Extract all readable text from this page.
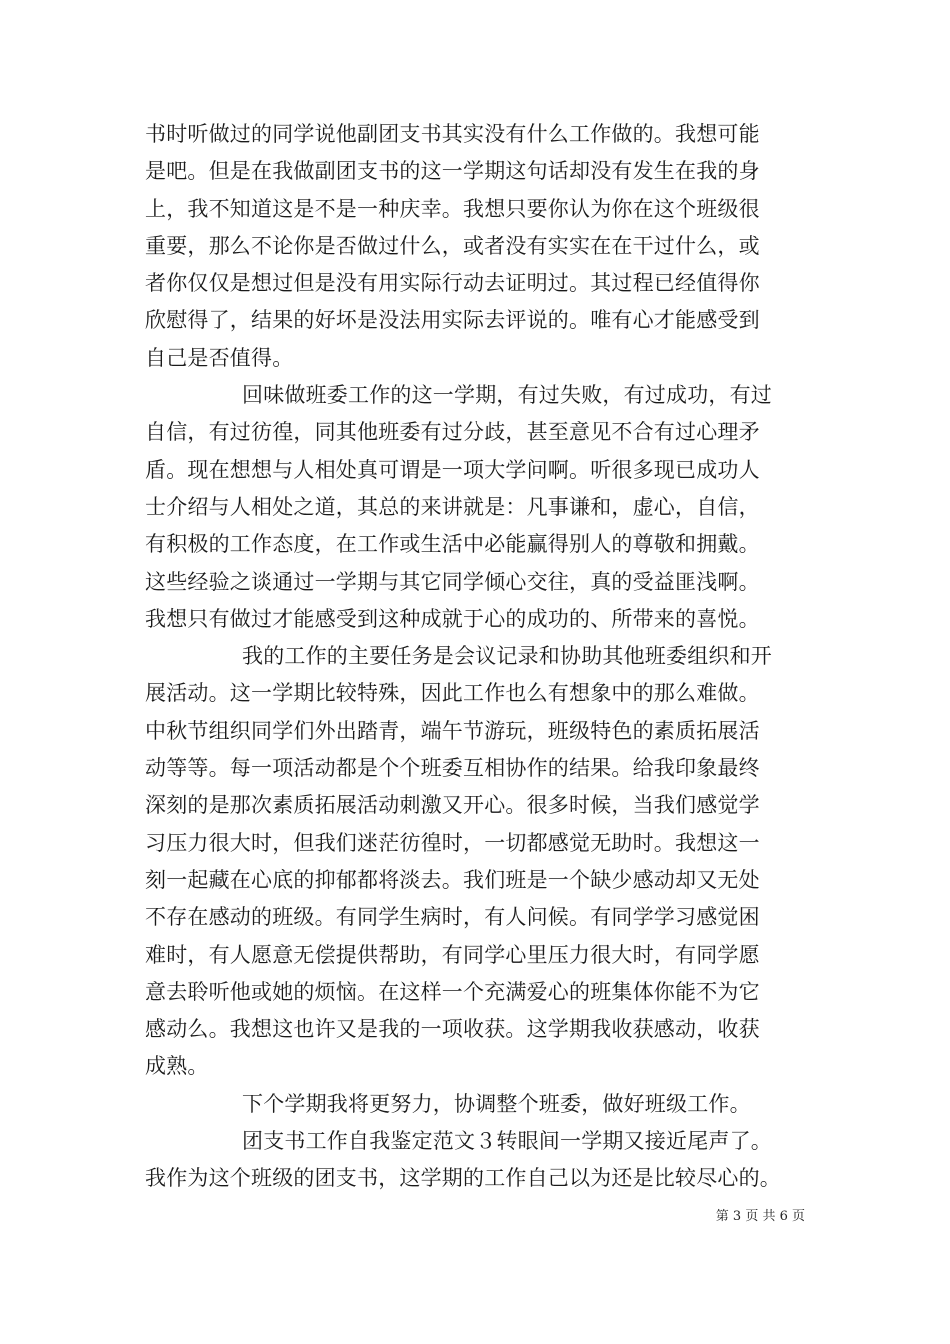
书时听做过的同学说他副团支书其实没有什么工作做的。我想可能
是吧。但是在我做副团支书的这一学期这句话却没有发生在我的身
上，我不知道这是不是一种庆幸。我想只要你认为你在这个班级很
重要，那么不论你是否做过什么，或者没有实实在在干过什么，或
者你仅仅是想过但是没有用实际行动去证明过。其过程已经值得你
欣慰得了，结果的好坏是没法用实际去评说的。唯有心才能感受到
自己是否值得。
回味做班委工作的这一学期，有过失败，有过成功，有过
自信，有过彷徨，同其他班委有过分歧，甚至意见不合有过心理矛
盾。现在想想与人相处真可谓是一项大学问啊。听很多现已成功人
士介绍与人相处之道，其总的来讲就是：凡事谦和，虚心，自信，
有积极的工作态度，在工作或生活中必能赢得别人的尊敬和拥戴。
这些经验之谈通过一学期与其它同学倾心交往，真的受益匪浅啊。
我想只有做过才能感受到这种成就于心的成功的、所带来的喜悦。
我的工作的主要任务是会议记录和协助其他班委组织和开
展活动。这一学期比较特殊，因此工作也么有想象中的那么难做。
中秋节组织同学们外出踏青，端午节游玩，班级特色的素质拓展活
动等等。每一项活动都是个个班委互相协作的结果。给我印象最终
深刻的是那次素质拓展活动刺激又开心。很多时候，当我们感觉学
习压力很大时，但我们迷茫彷徨时，一切都感觉无助时。我想这一
刻一起藏在心底的抑郁都将淡去。我们班是一个缺少感动却又无处
不存在感动的班级。有同学生病时，有人问候。有同学学习感觉困
难时，有人愿意无偿提供帮助，有同学心里压力很大时，有同学愿
意去聆听他或她的烦恼。在这样一个充满爱心的班集体你能不为它
感动么。我想这也许又是我的一项收获。这学期我收获感动，收获
成熟。
下个学期我将更努力，协调整个班委，做好班级工作。
团支书工作自我鉴定范文３转眼间一学期又接近尾声了。
我作为这个班级的团支书，这学期的工作自己以为还是比较尽心的。
第 3 页 共 6 页
